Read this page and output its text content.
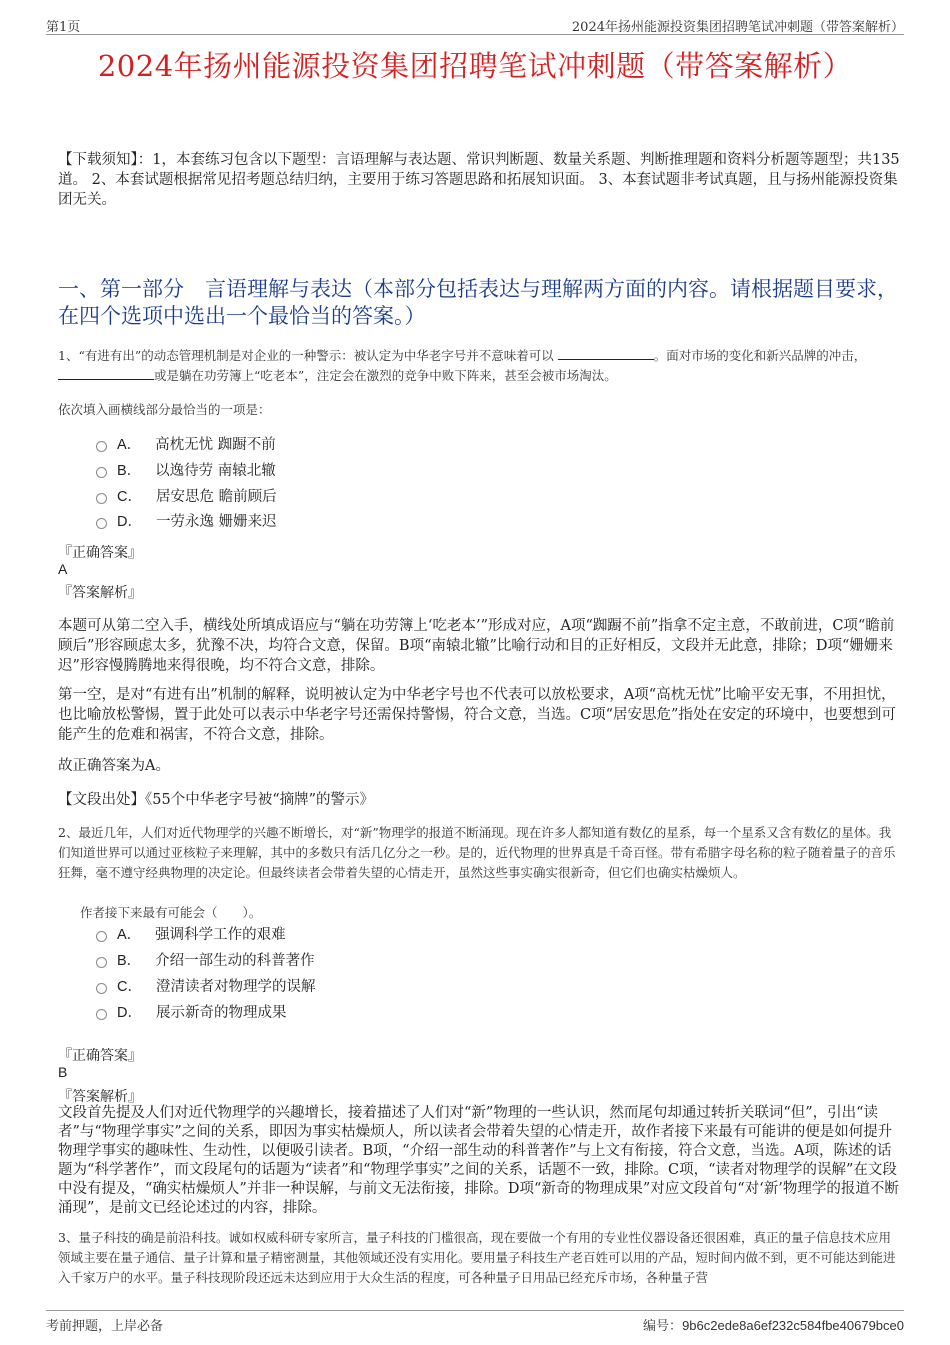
第1页	2024年扬州能源投资集团招聘笔试冲刺题（带答案解析）
2024年扬州能源投资集团招聘笔试冲刺题（带答案解析）
【下载须知】：1，本套练习包含以下题型：言语理解与表达题、常识判断题、数量关系题、判断推理题和资料分析题等题型；共135道。 2、本套试题根据常见招考题总结归纳，主要用于练习答题思路和拓展知识面。 3、本套试题非考试真题，且与扬州能源投资集团无关。
一、第一部分　言语理解与表达（本部分包括表达与理解两方面的内容。请根据题目要求，在四个选项中选出一个最恰当的答案。）
1、“有进有出”的动态管理机制是对企业的一种警示：被认定为中华老字号并不意味着可以	。面对市场的变化和新兴品牌的冲击，或是躺在功劳簿上“吃老本”，注定会在激烈的竞争中败下阵来，甚至会被市场淘汰。
依次填入画横线部分最恰当的一项是：
A． 高枕无忧 踟蹰不前
B． 以逸待劳 南辕北辙
C． 居安思危 瞻前顾后
D． 一劳永逸 姗姗来迟
『正确答案』
A
『答案解析』
本题可从第二空入手，横线处所填成语应与“躺在功劳簿上‘吃老本’”形成对应，A项“踟蹰不前”指拿不定主意，不敢前进，C项“瞻前顾后”形容顾虑太多，犹豫不决，均符合文意，保留。B项“南辕北辙”比喻行动和目的正好相反，文段并无此意，排除；D项“姗姗来迟”形容慢腾腾地来得很晚，均不符合文意，排除。
第一空，是对“有进有出”机制的解释，说明被认定为中华老字号也不代表可以放松要求，A项“高枕无忧”比喻平安无事，不用担忧，也比喻放松警惕，置于此处可以表示中华老字号还需保持警惕，符合文意，当选。C项“居安思危”指处在安定的环境中，也要想到可能产生的危难和祸害，不符合文意，排除。
故正确答案为A。
【文段出处】《55个中华老字号被“摘牌”的警示》
2、最近几年，人们对近代物理学的兴趣不断增长，对“新”物理学的报道不断涌现。现在许多人都知道有数亿的星系，每一个星系又含有数亿的星体。我们知道世界可以通过亚核粒子来理解，其中的多数只有活几亿分之一秒。是的，近代物理的世界真是千奇百怪。带有希腊字母名称的粒子随着量子的音乐狂舞，毫不遵守经典物理的决定论。但最终读者会带着失望的心情走开，虽然这些事实确实很新奇，但它们也确实枯燥烦人。
作者接下来最有可能会（　　）。
A． 强调科学工作的艰难
B． 介绍一部生动的科普著作
C． 澄清读者对物理学的误解
D． 展示新奇的物理成果
『正确答案』
B
『答案解析』
文段首先提及人们对近代物理学的兴趣增长，接着描述了人们对“新”物理的一些认识，然而尾句却通过转折关联词“但”，引出“读者”与“物理学事实”之间的关系，即因为事实枯燥烦人，所以读者会带着失望的心情走开，故作者接下来最有可能讲的便是如何提升物理学事实的趣味性、生动性，以便吸引读者。B项，“介绍一部生动的科普著作”与上文有衔接，符合文意，当选。A项，陈述的话题为“科学著作”，而文段尾句的话题为“读者”和“物理学事实”之间的关系，话题不一致，排除。C项，“读者对物理学的误解”在文段中没有提及，“确实枯燥烦人”并非一种误解，与前文无法衔接，排除。D项“新奇的物理成果”对应文段首句“对‘新’物理学的报道不断涌现”，是前文已经论述过的内容，排除。
3、量子科技的确是前沿科技。诚如权威科研专家所言，量子科技的门槛很高，现在要做一个有用的专业性仪器设备还很困难，真正的量子信息技术应用领域主要在量子通信、量子计算和量子精密测量，其他领域还没有实用化。要用量子科技生产老百姓可以用的产品，短时间内做不到，更不可能达到能进入千家万户的水平。量子科技现阶段还远未达到应用于大众生活的程度，可各种量子日用品已经充斥市场，各种量子营
考前押题，上岸必备	编号：9b6c2ede8a6ef232c584fbe40679bce0
